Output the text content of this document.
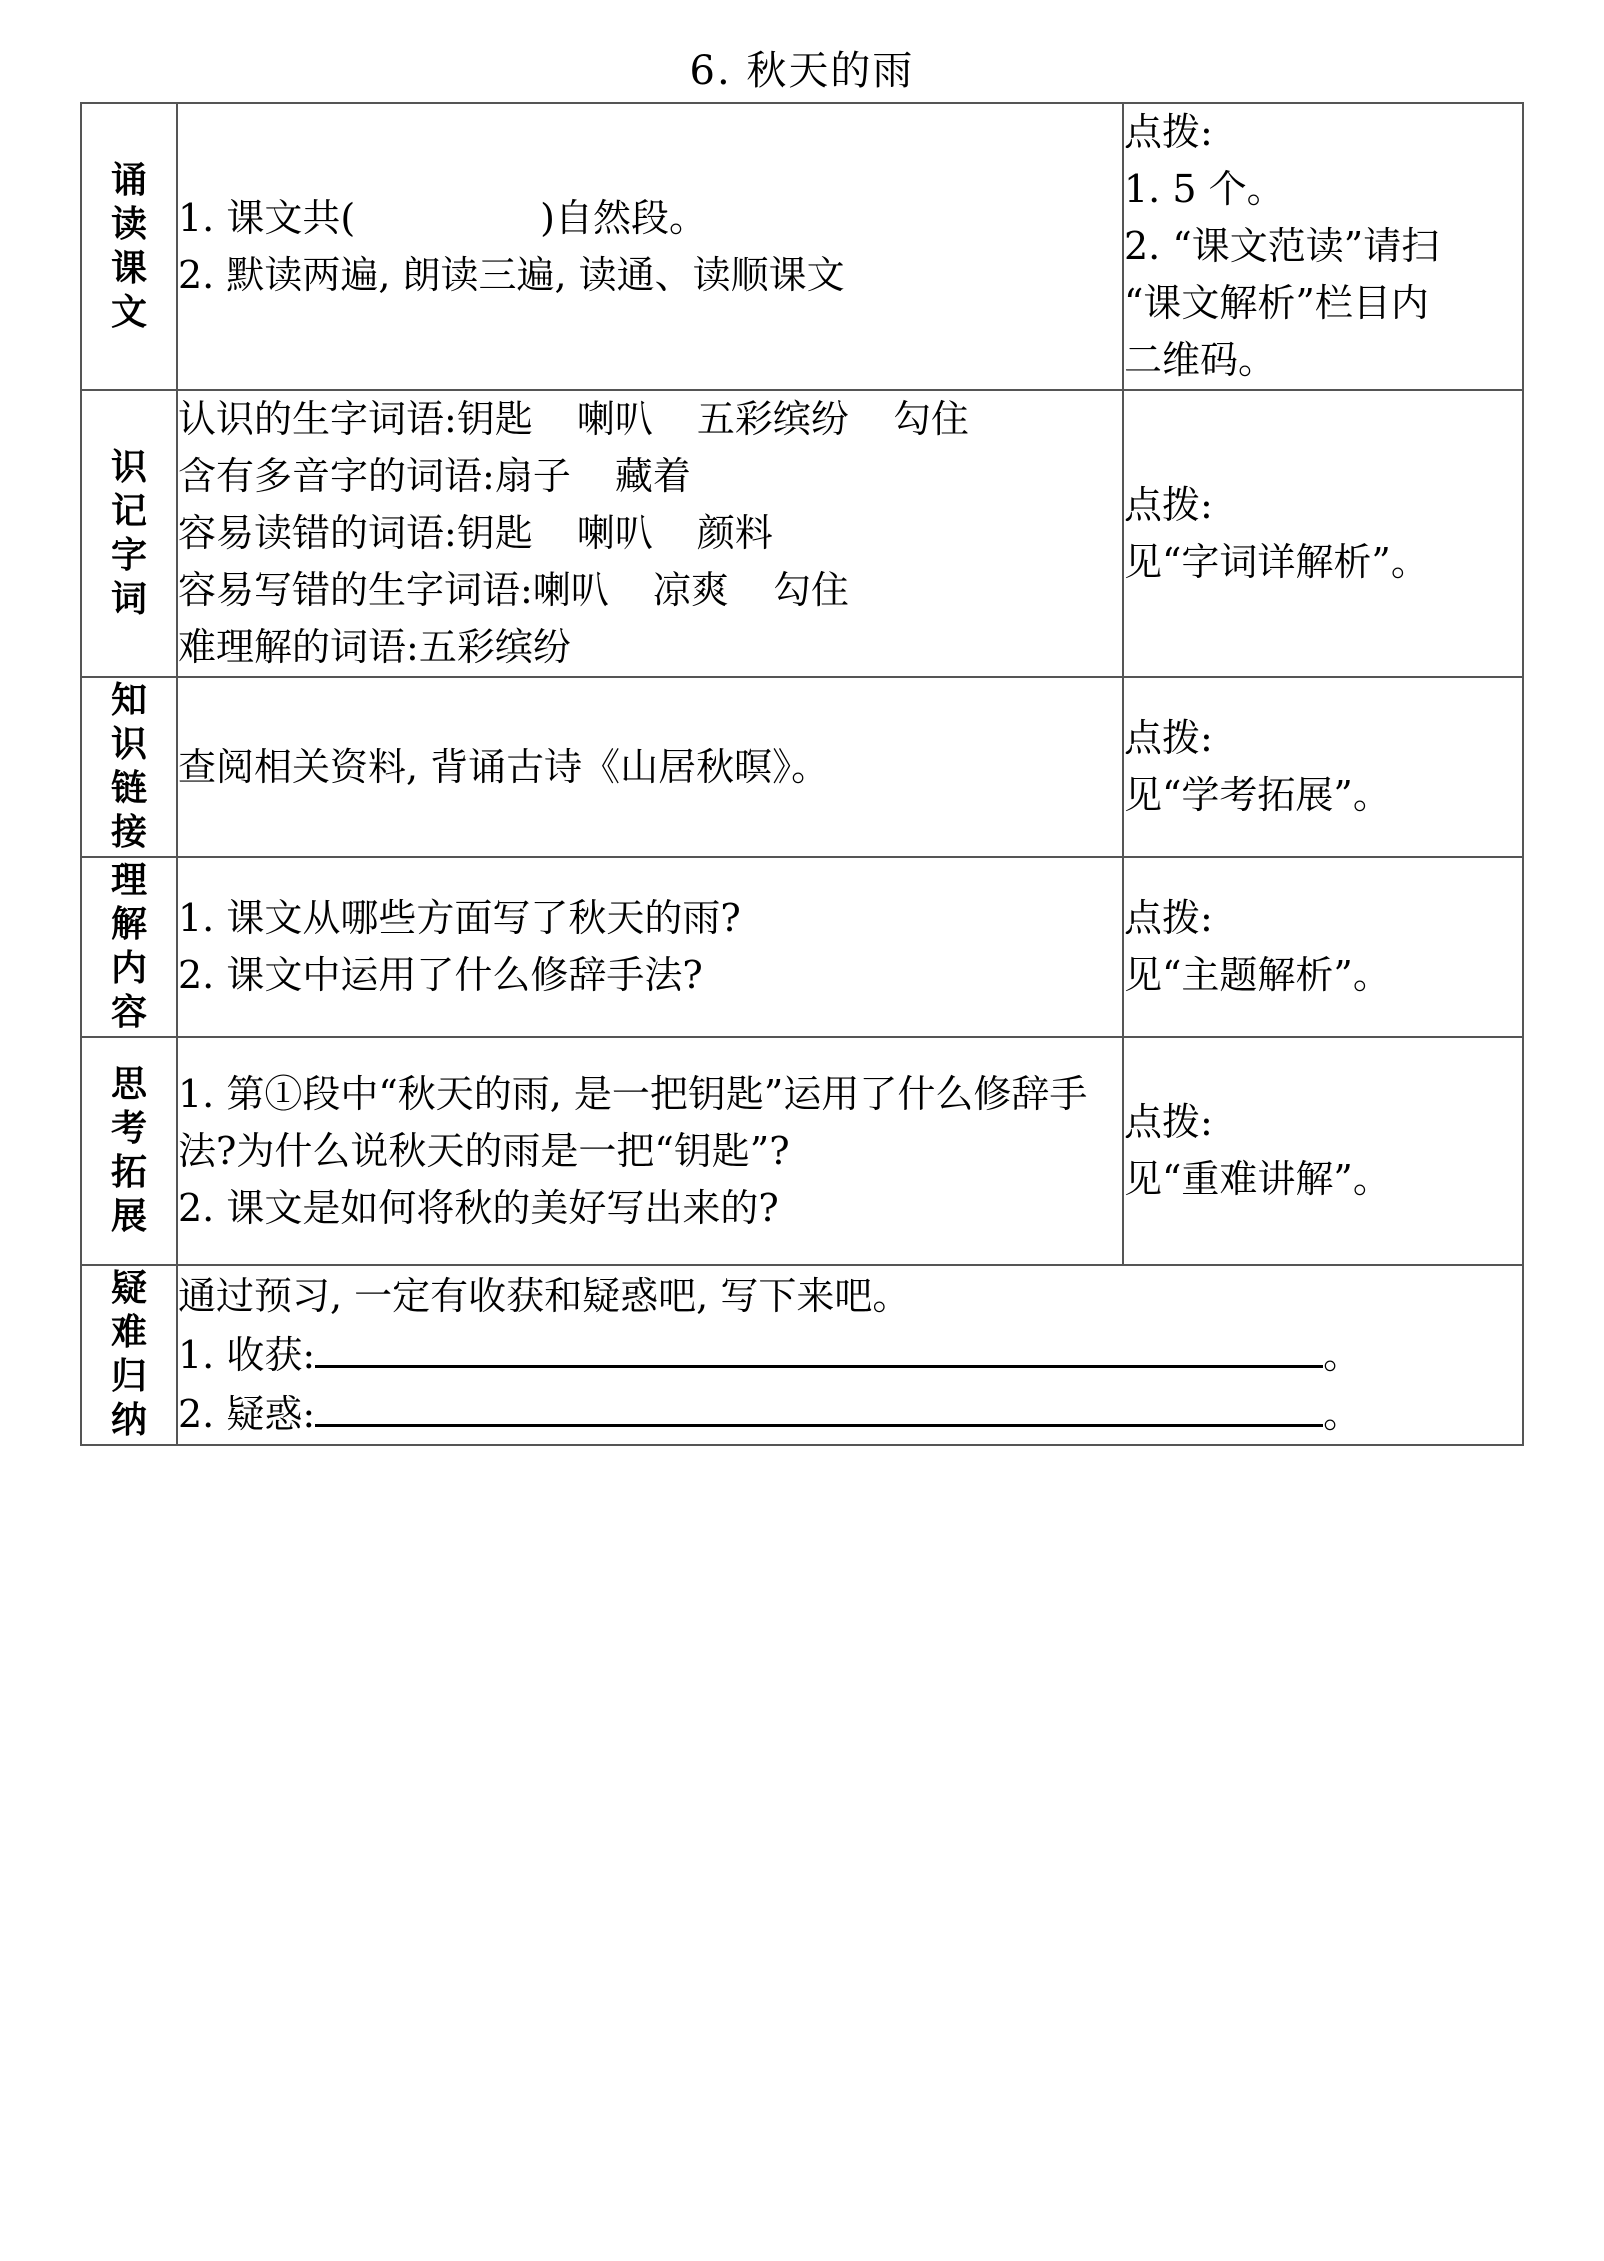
6. 秋天的雨
诵读课文	1. 课文共( )自然段。
2. 默读两遍, 朗读三遍, 读通、读顺课文	点拨:
1. 5 个。
2. “课文范读”请扫
“课文解析”栏目内
二维码。

识记字词	认识的生字词语:钥匙 喇叭 五彩缤纷 勾住
含有多音字的词语:扇子 藏着
容易读错的词语:钥匙 喇叭 颜料
容易写错的生字词语:喇叭 凉爽 勾住
难理解的词语:五彩缤纷	点拨:
见“字词详解析”。

知识链接	查阅相关资料, 背诵古诗《山居秋暝》。	点拨:
见“学考拓展”。

理解内容	1. 课文从哪些方面写了秋天的雨?
2. 课文中运用了什么修辞手法?	点拨:
见“主题解析”。

思考拓展	1. 第①段中“秋天的雨, 是一把钥匙”运用了什么修辞手法?为什么说秋天的雨是一把“钥匙”?
2. 课文是如何将秋的美好写出来的?	点拨:
见“重难讲解”。

疑难归纳	通过预习, 一定有收获和疑惑吧, 写下来吧。
1. 收获: 。
2. 疑惑: 。	
